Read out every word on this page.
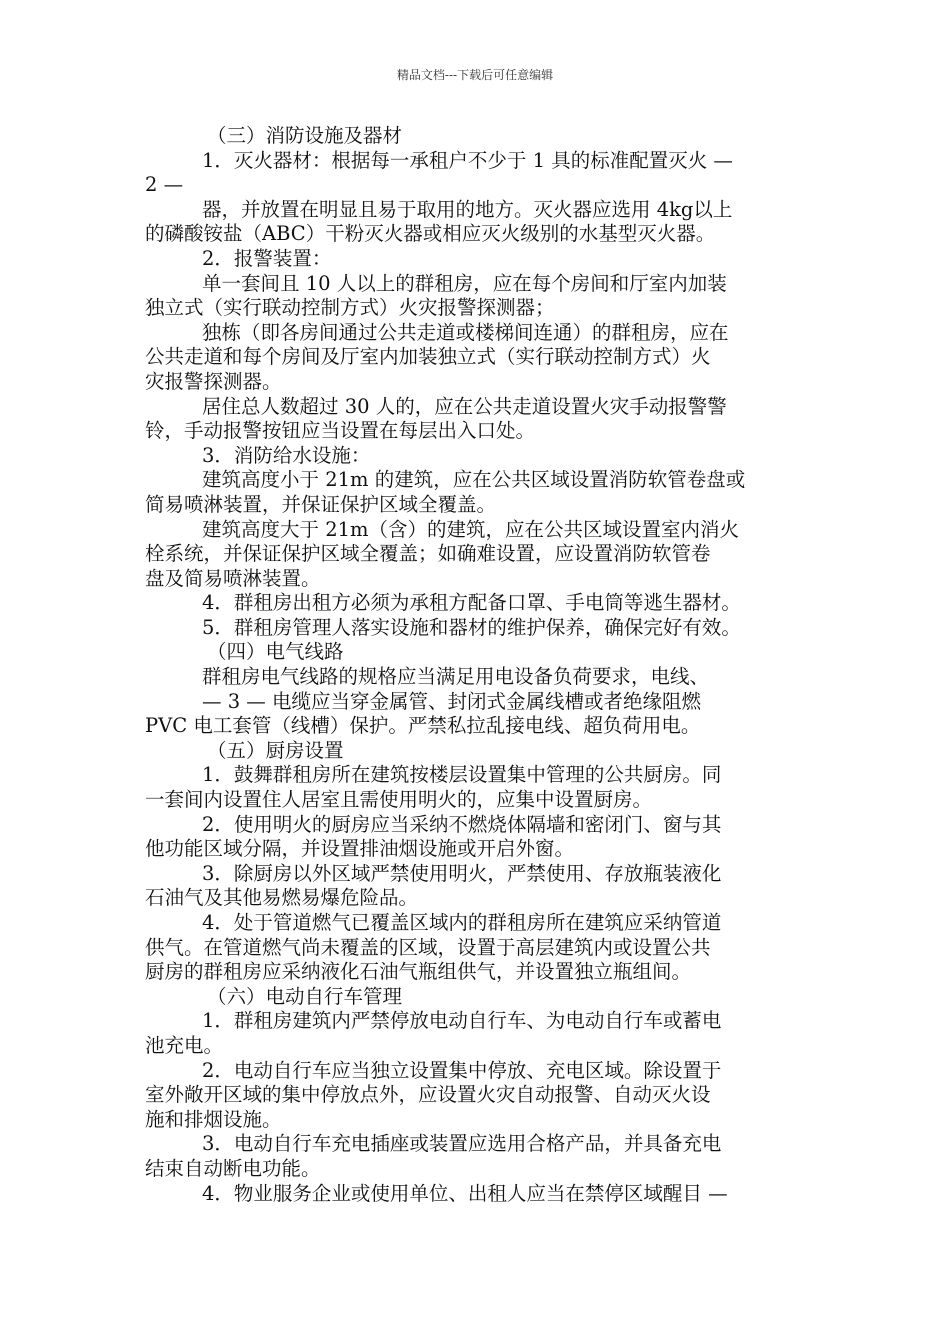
精品文档---下载后可任意编辑
（三）消防设施及器材
1．灭火器材：根据每一承租户不少于 1 具的标准配置灭火 —
2 —
器，并放置在明显且易于取用的地方。灭火器应选用 4kg以上
的磷酸铵盐（ABC）干粉灭火器或相应灭火级别的水基型灭火器。
2．报警装置：
单一套间且 10 人以上的群租房，应在每个房间和厅室内加装
独立式（实行联动控制方式）火灾报警探测器；
独栋（即各房间通过公共走道或楼梯间连通）的群租房，应在
公共走道和每个房间及厅室内加装独立式（实行联动控制方式）火
灾报警探测器。
居住总人数超过 30 人的，应在公共走道设置火灾手动报警警
铃，手动报警按钮应当设置在每层出入口处。
3．消防给水设施：
建筑高度小于 21m 的建筑，应在公共区域设置消防软管卷盘或
简易喷淋装置，并保证保护区域全覆盖。
建筑高度大于 21m（含）的建筑，应在公共区域设置室内消火
栓系统，并保证保护区域全覆盖；如确难设置，应设置消防软管卷
盘及简易喷淋装置。
4．群租房出租方必须为承租方配备口罩、手电筒等逃生器材。
5．群租房管理人落实设施和器材的维护保养，确保完好有效。
（四）电气线路
群租房电气线路的规格应当满足用电设备负荷要求，电线、
— 3 — 电缆应当穿金属管、封闭式金属线槽或者绝缘阻燃
PVC 电工套管（线槽）保护。严禁私拉乱接电线、超负荷用电。
（五）厨房设置
1．鼓舞群租房所在建筑按楼层设置集中管理的公共厨房。同
一套间内设置住人居室且需使用明火的，应集中设置厨房。
2．使用明火的厨房应当采纳不燃烧体隔墙和密闭门、窗与其
他功能区域分隔，并设置排油烟设施或开启外窗。
3．除厨房以外区域严禁使用明火，严禁使用、存放瓶装液化
石油气及其他易燃易爆危险品。
4．处于管道燃气已覆盖区域内的群租房所在建筑应采纳管道
供气。在管道燃气尚未覆盖的区域，设置于高层建筑内或设置公共
厨房的群租房应采纳液化石油气瓶组供气，并设置独立瓶组间。
（六）电动自行车管理
1．群租房建筑内严禁停放电动自行车、为电动自行车或蓄电
池充电。
2．电动自行车应当独立设置集中停放、充电区域。除设置于
室外敞开区域的集中停放点外，应设置火灾自动报警、自动灭火设
施和排烟设施。
3．电动自行车充电插座或装置应选用合格产品，并具备充电
结束自动断电功能。
4．物业服务企业或使用单位、出租人应当在禁停区域醒目 —
